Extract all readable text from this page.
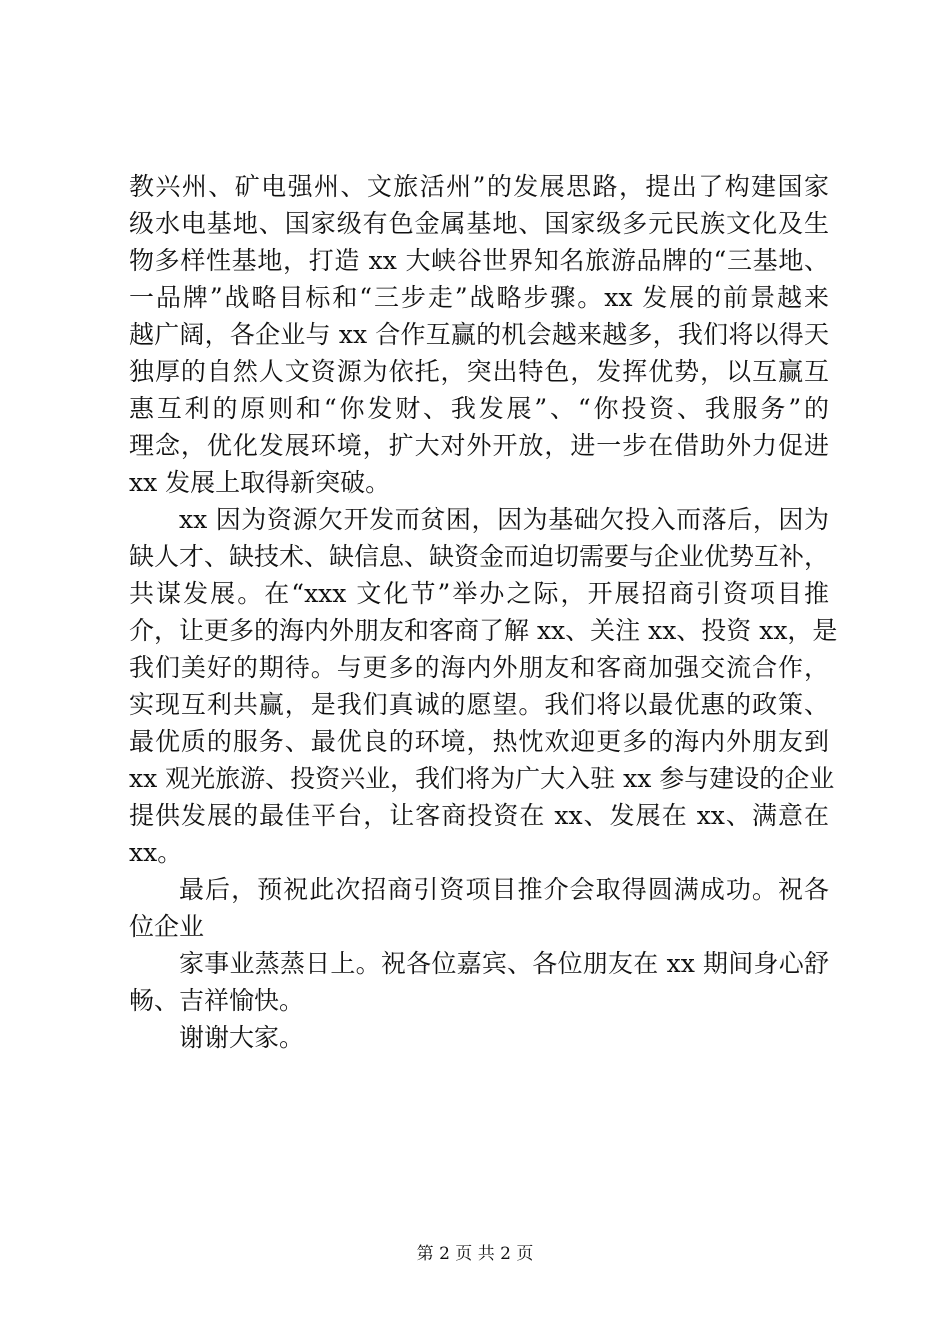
教兴州、矿电强州、文旅活州”的发展思路，提出了构建国家
级水电基地、国家级有色金属基地、国家级多元民族文化及生
物多样性基地，打造 xx 大峡谷世界知名旅游品牌的“三基地、
一品牌”战略目标和“三步走”战略步骤。xx 发展的前景越来
越广阔，各企业与 xx 合作互赢的机会越来越多，我们将以得天
独厚的自然人文资源为依托，突出特色，发挥优势，以互赢互
惠互利的原则和“你发财、我发展”、“你投资、我服务”的
理念，优化发展环境，扩大对外开放，进一步在借助外力促进
xx 发展上取得新突破。
xx 因为资源欠开发而贫困，因为基础欠投入而落后，因为
缺人才、缺技术、缺信息、缺资金而迫切需要与企业优势互补，
共谋发展。在“xxx 文化节”举办之际，开展招商引资项目推
介，让更多的海内外朋友和客商了解 xx、关注 xx、投资 xx，是
我们美好的期待。与更多的海内外朋友和客商加强交流合作，
实现互利共赢，是我们真诚的愿望。我们将以最优惠的政策、
最优质的服务、最优良的环境，热忱欢迎更多的海内外朋友到
xx 观光旅游、投资兴业，我们将为广大入驻 xx 参与建设的企业
提供发展的最佳平台，让客商投资在 xx、发展在 xx、满意在
xx。
最后，预祝此次招商引资项目推介会取得圆满成功。祝各
位企业
家事业蒸蒸日上。祝各位嘉宾、各位朋友在 xx 期间身心舒
畅、吉祥愉快。
谢谢大家。
第 2 页 共 2 页
